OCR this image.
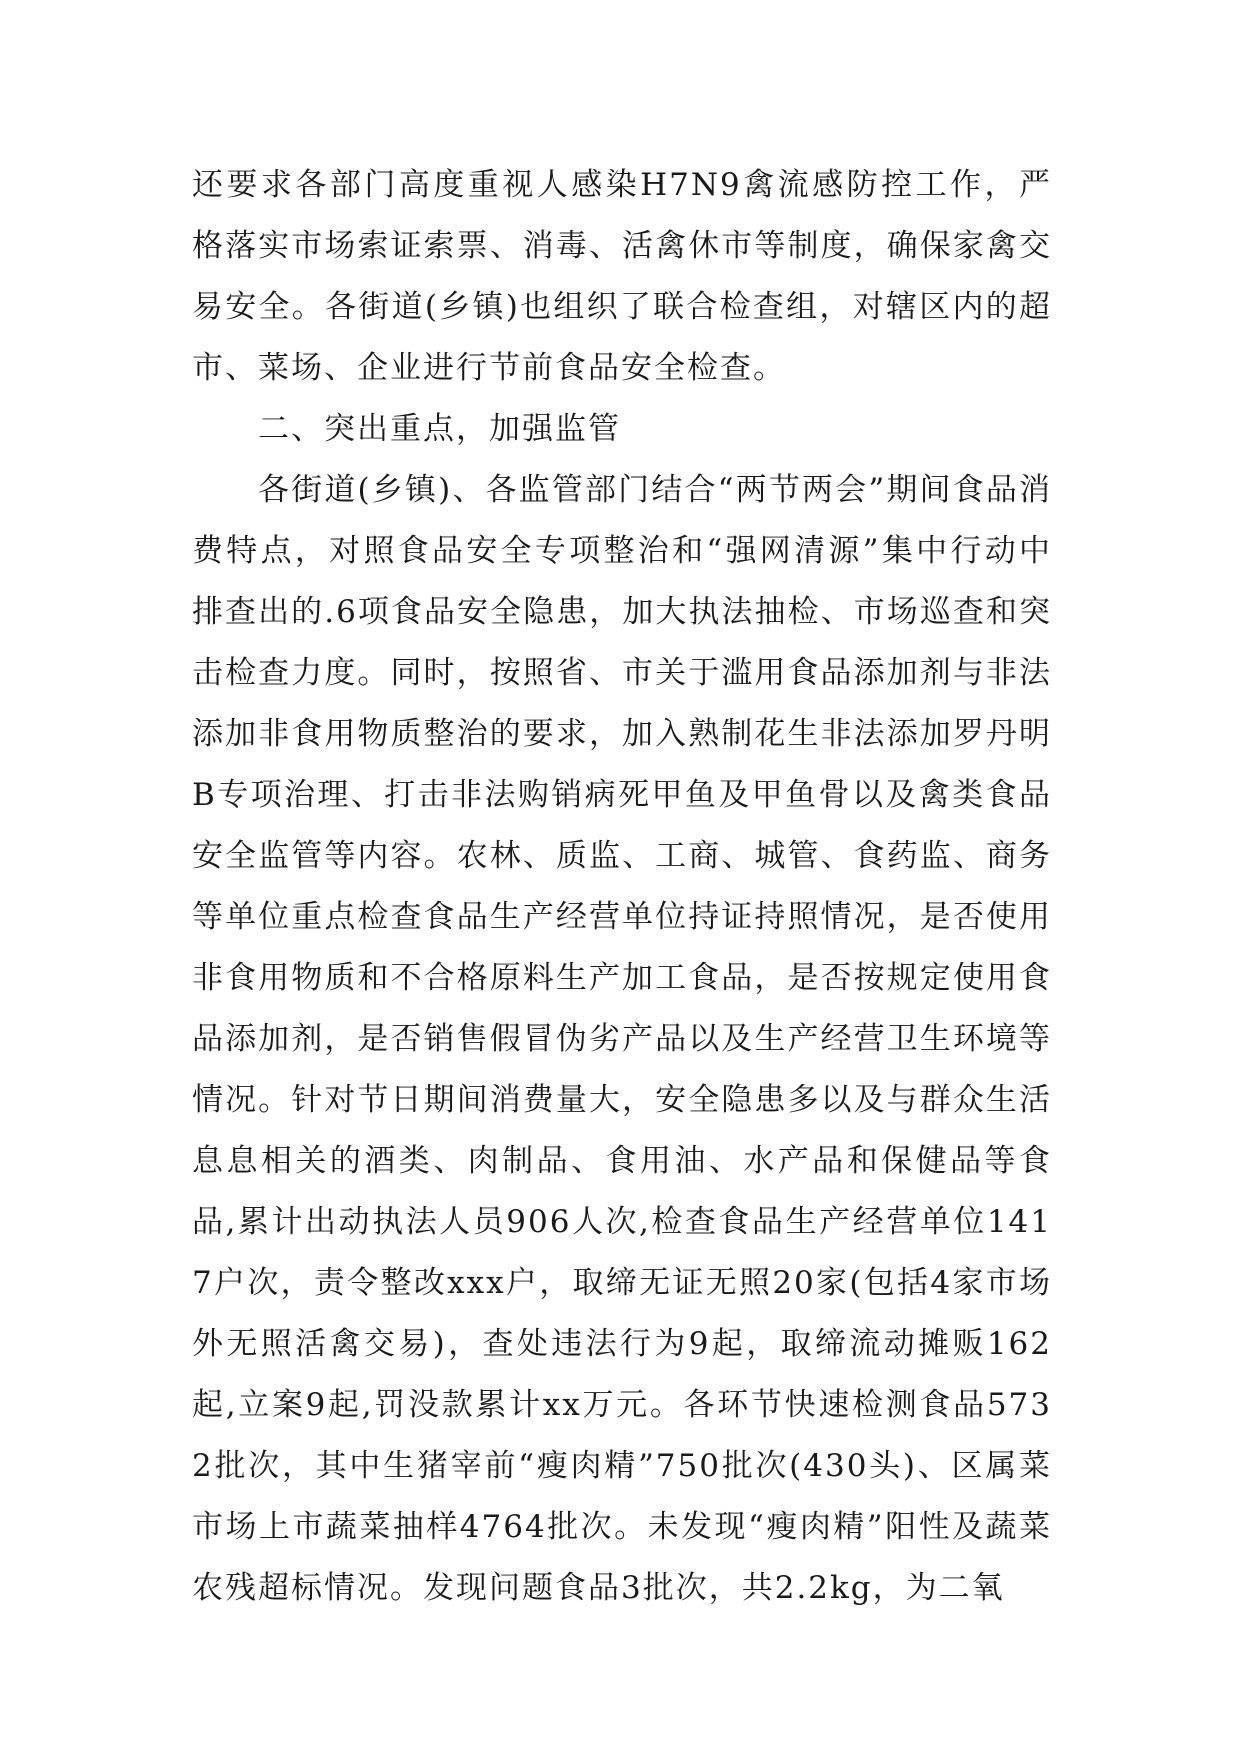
还要求各部门高度重视人感染H7N9禽流感防控工作，严格落实市场索证索票、消毒、活禽休市等制度，确保家禽交易安全。各街道(乡镇)也组织了联合检查组，对辖区内的超市、菜场、企业进行节前食品安全检查。

二、突出重点，加强监管

各街道(乡镇)、各监管部门结合“两节两会”期间食品消费特点，对照食品安全专项整治和“强网清源”集中行动中排查出的.6项食品安全隐患，加大执法抽检、市场巡查和突击检查力度。同时，按照省、市关于滥用食品添加剂与非法添加非食用物质整治的要求，加入熟制花生非法添加罗丹明B专项治理、打击非法购销病死甲鱼及甲鱼骨以及禽类食品安全监管等内容。农林、质监、工商、城管、食药监、商务等单位重点检查食品生产经营单位持证持照情况，是否使用非食用物质和不合格原料生产加工食品，是否按规定使用食品添加剂，是否销售假冒伪劣产品以及生产经营卫生环境等情况。针对节日期间消费量大，安全隐患多以及与群众生活息息相关的酒类、肉制品、食用油、水产品和保健品等食品,累计出动执法人员906人次,检查食品生产经营单位1417户次，责令整改xxx户，取缔无证无照20家(包括4家市场外无照活禽交易)，查处违法行为9起，取缔流动摊贩162起,立案9起,罚没款累计xx万元。各环节快速检测食品5732批次，其中生猪宰前“瘦肉精”750批次(430头)、区属菜市场上市蔬菜抽样4764批次。未发现“瘦肉精”阳性及蔬菜农残超标情况。发现问题食品3批次，共2.2kg，为二氧
